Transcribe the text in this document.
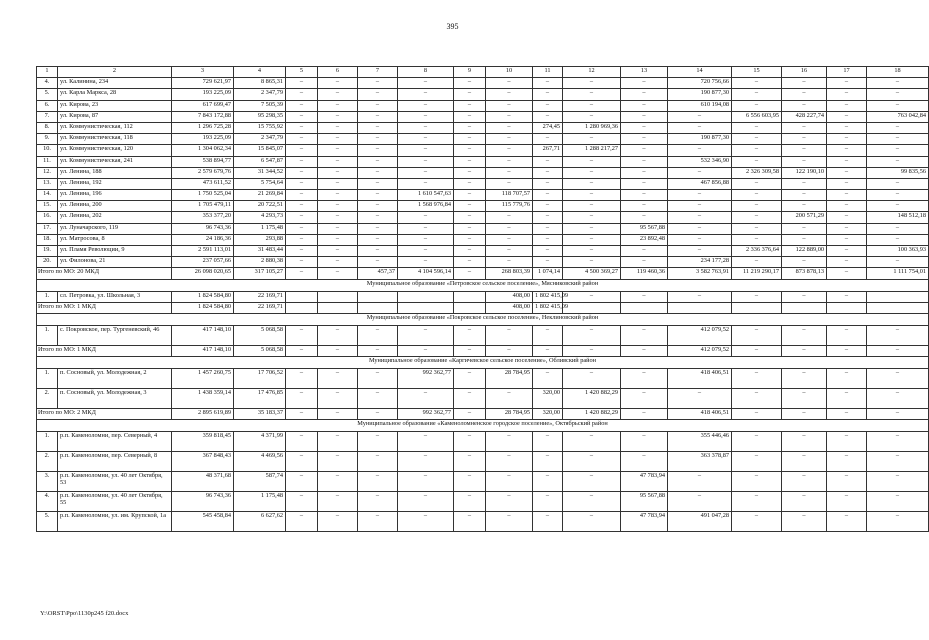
395
1	2	3	4	5	6	7	8	9	10	11	12	13	14	15	16	17	18
4.	ул. Калинина, 234	729 621,97	8 865,31	–	–	–	–	–	–	–	–	–	720 756,66	–	–	–	–
5.	ул. Карла Маркса, 28	193 225,09	2 347,79	–	–	–	–	–	–	–	–	–	190 877,30	–	–	–	–
6.	ул. Кирова, 23	617 699,47	7 505,39	–	–	–	–	–	–	–	–	–	610 194,08	–	–	–	–
7.	ул. Кирова, 87	7 843 172,88	95 298,35	–	–	–	–	–	–	–	–	–	–	6 556 603,95	428 227,74	–	763 042,84
8.	ул. Коммунистическая, 112	1 296 725,28	15 755,92	–	–	–	–	–	–	274,45	1 280 969,36	–	–	–	–	–	–
9.	ул. Коммунистическая, 118	193 225,09	2 347,79	–	–	–	–	–	–	–	–	–	190 877,30	–	–	–	–
10.	ул. Коммунистическая, 120	1 304 062,34	15 845,07	–	–	–	–	–	–	267,71	1 288 217,27	–	–	–	–	–	–
11.	ул. Коммунистическая, 241	538 894,77	6 547,87	–	–	–	–	–	–	–	–	–	532 346,90	–	–	–	–
12.	ул. Ленина, 188	2 579 679,76	31 344,52	–	–	–	–	–	–	–	–	–	–	2 326 309,58	122 190,10	–	99 835,56
13.	ул. Ленина, 192	473 611,52	5 754,64	–	–	–	–	–	–	–	–	–	467 856,88	–	–	–	–
14.	ул. Ленина, 196	1 750 525,04	21 269,84	–	–	–	1 610 547,63	–	118 707,57	–	–	–	–	–	–	–	–
15.	ул. Ленина, 200	1 705 479,11	20 722,51	–	–	–	1 568 976,84	–	115 779,76	–	–	–	–	–	–	–	–
16.	ул. Ленина, 202	353 377,20	4 293,73	–	–	–	–	–	–	–	–	–	–	–	200 571,29	–	148 512,18
17.	ул. Луначарского, 119	96 743,36	1 175,48	–	–	–	–	–	–	–	–	95 567,88	–	–	–	–	–
18.	ул. Матросова, 8	24 186,36	293,88	–	–	–	–	–	–	–	–	23 892,48	–	–	–	–	–
19.	ул. Пламя Революции, 9	2 591 113,01	31 483,44	–	–	–	–	–	–	–	–	–	–	2 336 376,64	122 889,00	–	100 363,93
20.	ул. Филонова, 21	237 057,66	2 880,38	–	–	–	–	–	–	–	–	–	234 177,28	–	–	–	–
Итого по МО: 20 МКД		26 098 020,65	317 105,27	–	–	457,37	4 104 596,14	–	268 803,39	1 074,14	4 500 369,27	119 460,36	3 582 763,91	11 219 290,17	873 878,13	–	1 111 754,01
Муниципальное образование «Петровское сельское поселение», Мясниковский район																	
1.	сл. Петровка, ул. Школьная, 3	1 824 584,80	22 169,71						408,00	1 802 415,09	–	–	–	–	–	–	
Итого по МО: 1 МКД		1 824 584,80	22 169,71						408,00	1 802 415,09							
Муниципальное образование «Покровское сельское поселение», Неклиновский район																	
1.	с. Покровское, пер. Тургеневский, 46	417 148,10	5 068,58	–	–	–	–	–	–	–	–	–	412 079,52	–	–	–	–
Итого по МО: 1 МКД		417 148,10	5 068,58	–	–	–	–	–	–	–	–	–	412 079,52	–	–	–	–
Муниципальное образование «Каргичевское сельское поселение», Обливский район																	
1.	п. Сосновый, ул. Молодежная, 2	1 457 260,75	17 706,52	–	–	–	992 362,77	–	28 784,95	–	–	–	418 406,51	–	–	–	–
2.	п. Сосновый, ул. Молодежная, 3	1 438 359,14	17 476,85	–	–	–	–	–	–	320,00	1 420 882,29	–	–	–	–	–	–
Итого по МО: 2 МКД		2 895 619,89	35 183,37	–	–	–	992 362,77	–	28 784,95	320,00	1 420 882,29	–	418 406,51	–	–	–	–
Муниципальное образование «Каменоломненское городское поселение», Октябрьский район																	
1.	р.п. Каменоломни, пер. Северный, 4	359 818,45	4 371,99	–	–	–	–	–	–	–	–	–	355 446,46	–	–	–	–
2.	р.п. Каменоломни, пер. Северный, 8	367 848,43	4 469,56	–	–	–	–	–	–	–	–	–	363 378,87	–	–	–	–
3.	р.п. Каменоломни, ул. 40 лет Октября, 53	48 371,68	587,74	–	–	–	–	–	–	–	–	47 783,94	–	–	–	–	–
4.	р.п. Каменоломни, ул. 40 лет Октября, 55	96 743,36	1 175,48	–	–	–	–	–	–	–	–	95 567,88	–	–	–	–	–
5.	р.п. Каменоломни, ул. им. Крупской, 1а	545 458,84	6 627,62	–	–	–	–	–	–	–	–	47 783,94	491 047,28	–	–	–	–
Y:\ORST\Ppo\1130p245 f20.docx
